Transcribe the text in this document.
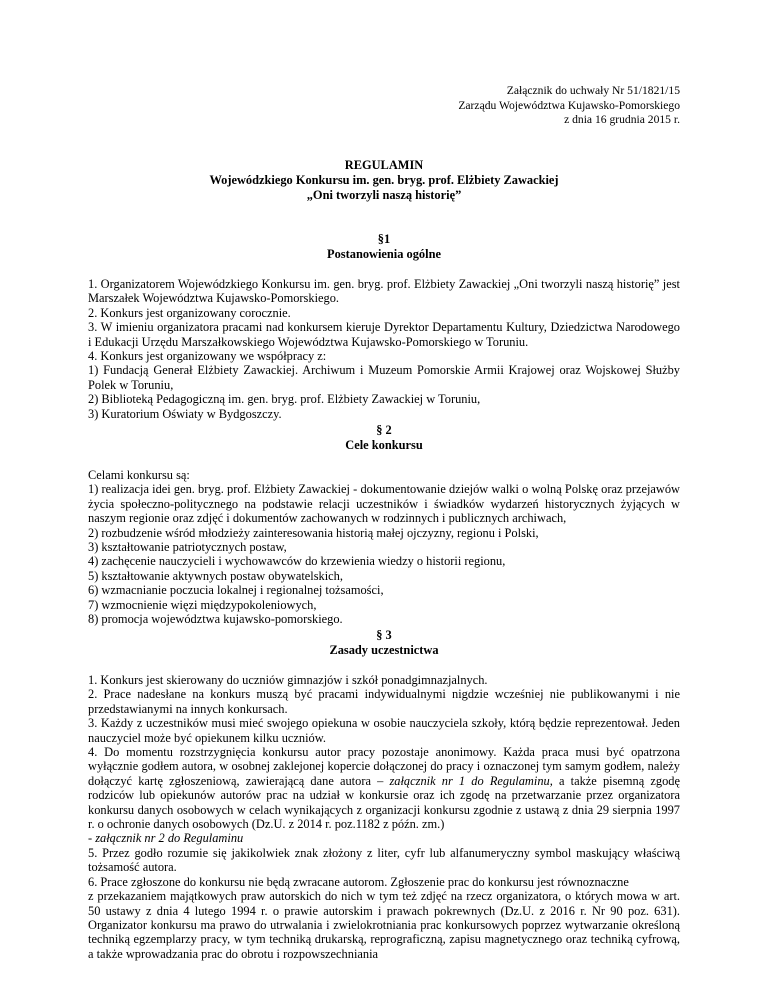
Załącznik do uchwały Nr 51/1821/15
Zarządu Województwa Kujawsko-Pomorskiego
z dnia 16 grudnia 2015 r.
REGULAMIN
Wojewódzkiego Konkursu im. gen. bryg. prof. Elżbiety Zawackiej
„Oni tworzyli naszą historię”
§1
Postanowienia ogólne

1. Organizatorem Wojewódzkiego Konkursu im. gen. bryg. prof. Elżbiety Zawackiej „Oni tworzyli naszą historię” jest Marszałek Województwa Kujawsko-Pomorskiego.

2. Konkurs jest organizowany corocznie.

3. W imieniu organizatora pracami nad konkursem kieruje Dyrektor Departamentu Kultury, Dziedzictwa Narodowego i Edukacji Urzędu Marszałkowskiego Województwa Kujawsko-Pomorskiego w Toruniu.

4. Konkurs jest organizowany we współpracy z:

1) Fundacją Generał Elżbiety Zawackiej. Archiwum i Muzeum Pomorskie Armii Krajowej oraz Wojskowej Służby Polek w Toruniu,

2) Biblioteką Pedagogiczną im. gen. bryg. prof. Elżbiety Zawackiej w Toruniu,

3) Kuratorium Oświaty w Bydgoszczy.

§ 2
Cele konkursu

Celami konkursu są:

1) realizacja idei gen. bryg. prof. Elżbiety Zawackiej - dokumentowanie dziejów walki o wolną Polskę oraz przejawów życia społeczno-politycznego na podstawie relacji uczestników i świadków wydarzeń historycznych żyjących w naszym regionie oraz zdjęć i dokumentów zachowanych w rodzinnych i publicznych archiwach,

2) rozbudzenie wśród młodzieży zainteresowania historią małej ojczyzny, regionu i Polski,

3) kształtowanie patriotycznych postaw,

4) zachęcenie nauczycieli i wychowawców do krzewienia wiedzy o historii regionu,

5) kształtowanie aktywnych postaw obywatelskich,

6) wzmacnianie poczucia lokalnej i regionalnej tożsamości,

7) wzmocnienie więzi międzypokoleniowych,

8) promocja województwa kujawsko-pomorskiego.

§ 3
Zasady uczestnictwa

1. Konkurs jest skierowany do uczniów gimnazjów i szkół ponadgimnazjalnych.

2. Prace nadesłane na konkurs muszą być pracami indywidualnymi nigdzie wcześniej nie publikowanymi i nie przedstawianymi na innych konkursach.

3. Każdy z uczestników musi mieć swojego opiekuna w osobie nauczyciela szkoły, którą będzie reprezentował. Jeden nauczyciel może być opiekunem kilku uczniów.

4. Do momentu rozstrzygnięcia konkursu autor pracy pozostaje anonimowy. Każda praca musi być opatrzona wyłącznie godłem autora, w osobnej zaklejonej kopercie dołączonej do pracy i oznaczonej tym samym godłem, należy dołączyć kartę zgłoszeniową, zawierającą dane autora – załącznik nr 1 do Regulaminu, a także pisemną zgodę rodziców lub opiekunów autorów prac na udział w konkursie oraz ich zgodę na przetwarzanie przez organizatora konkursu danych osobowych w celach wynikających z organizacji konkursu zgodnie z ustawą z dnia 29 sierpnia 1997 r. o ochronie danych osobowych (Dz.U. z 2014 r. poz.1182 z późn. zm.)

- załącznik nr 2 do Regulaminu

5. Przez godło rozumie się jakikolwiek znak złożony z liter, cyfr lub alfanumeryczny symbol maskujący właściwą tożsamość autora.

6. Prace zgłoszone do konkursu nie będą zwracane autorom. Zgłoszenie prac do konkursu jest równoznaczne

z przekazaniem majątkowych praw autorskich do nich w tym też zdjęć na rzecz organizatora, o których mowa w art. 50 ustawy z dnia 4 lutego 1994 r. o prawie autorskim i prawach pokrewnych (Dz.U. z 2016 r. Nr 90 poz. 631). Organizator konkursu ma prawo do utrwalania i zwielokrotniania prac konkursowych poprzez wytwarzanie określoną techniką egzemplarzy pracy, w tym techniką drukarską, reprograficzną, zapisu magnetycznego oraz techniką cyfrową, a także wprowadzania prac do obrotu i rozpowszechniania
